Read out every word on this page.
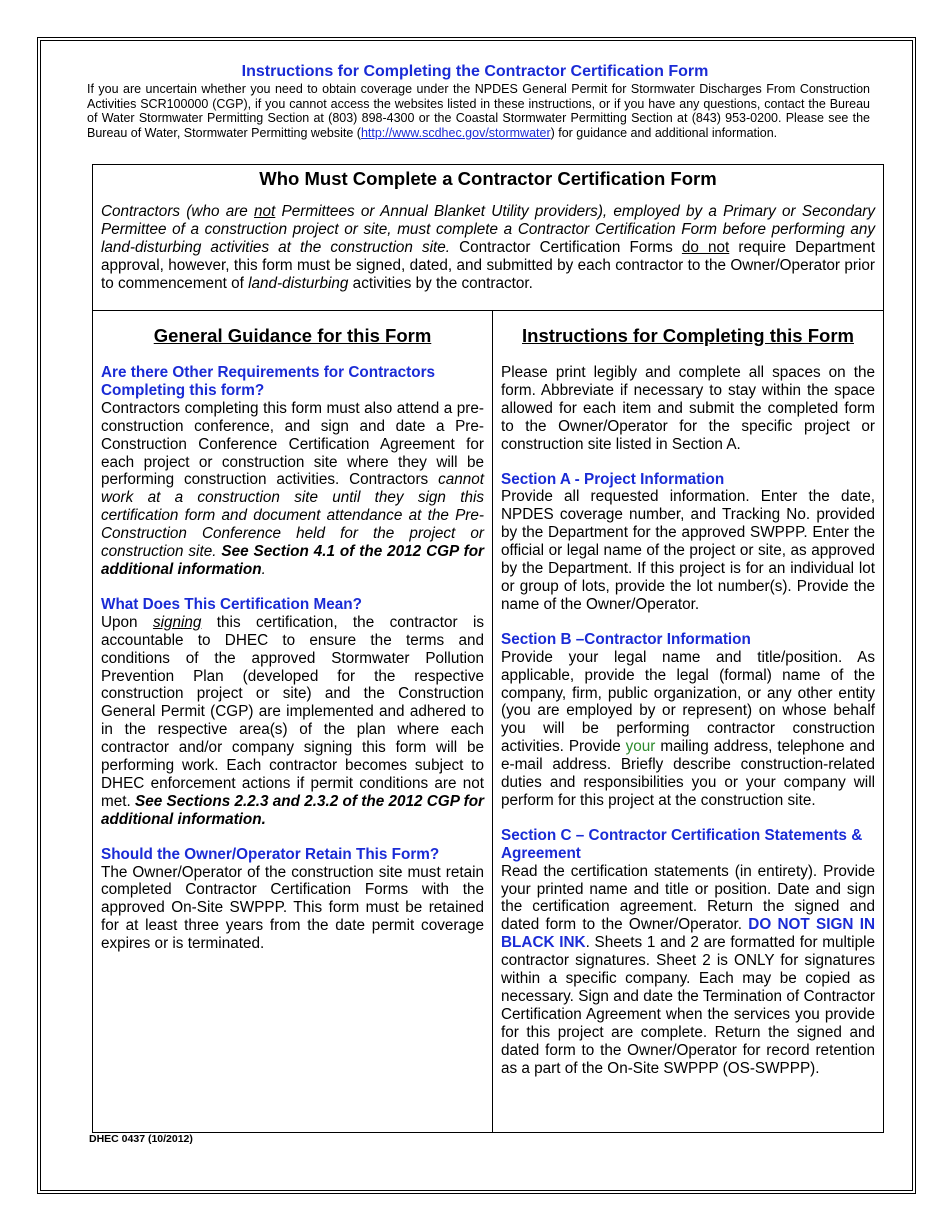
Instructions for Completing the Contractor Certification Form
If you are uncertain whether you need to obtain coverage under the NPDES General Permit for Stormwater Discharges From Construction Activities SCR100000 (CGP), if you cannot access the websites listed in these instructions, or if you have any questions, contact the Bureau of Water Stormwater Permitting Section at (803) 898-4300 or the Coastal Stormwater Permitting Section at (843) 953-0200. Please see the Bureau of Water, Stormwater Permitting website (http://www.scdhec.gov/stormwater) for guidance and additional information.
Who Must Complete a Contractor Certification Form
Contractors (who are not Permittees or Annual Blanket Utility providers), employed by a Primary or Secondary Permittee of a construction project or site, must complete a Contractor Certification Form before performing any land-disturbing activities at the construction site. Contractor Certification Forms do not require Department approval, however, this form must be signed, dated, and submitted by each contractor to the Owner/Operator prior to commencement of land-disturbing activities by the contractor.
General Guidance for this Form
Are there Other Requirements for Contractors Completing this form?

Contractors completing this form must also attend a pre-construction conference, and sign and date a Pre-Construction Conference Certification Agreement for each project or construction site where they will be performing construction activities. Contractors cannot work at a construction site until they sign this certification form and document attendance at the Pre-Construction Conference held for the project or construction site. See Section 4.1 of the 2012 CGP for additional information.

What Does This Certification Mean?

Upon signing this certification, the contractor is accountable to DHEC to ensure the terms and conditions of the approved Stormwater Pollution Prevention Plan (developed for the respective construction project or site) and the Construction General Permit (CGP) are implemented and adhered to in the respective area(s) of the plan where each contractor and/or company signing this form will be performing work. Each contractor becomes subject to DHEC enforcement actions if permit conditions are not met. See Sections 2.2.3 and 2.3.2 of the 2012 CGP for additional information.

Should the Owner/Operator Retain This Form?

The Owner/Operator of the construction site must retain completed Contractor Certification Forms with the approved On-Site SWPPP. This form must be retained for at least three years from the date permit coverage expires or is terminated.

Instructions for Completing this Form

Please print legibly and complete all spaces on the form. Abbreviate if necessary to stay within the space allowed for each item and submit the completed form to the Owner/Operator for the specific project or construction site listed in Section A.

Section A - Project Information

Provide all requested information. Enter the date, NPDES coverage number, and Tracking No. provided by the Department for the approved SWPPP. Enter the official or legal name of the project or site, as approved by the Department. If this project is for an individual lot or group of lots, provide the lot number(s). Provide the name of the Owner/Operator.

Section B –Contractor Information

Provide your legal name and title/position. As applicable, provide the legal (formal) name of the company, firm, public organization, or any other entity (you are employed by or represent) on whose behalf you will be performing contractor construction activities. Provide your mailing address, telephone and e-mail address. Briefly describe construction-related duties and responsibilities you or your company will perform for this project at the construction site.

Section C – Contractor Certification Statements & Agreement

Read the certification statements (in entirety). Provide your printed name and title or position. Date and sign the certification agreement. Return the signed and dated form to the Owner/Operator. DO NOT SIGN IN BLACK INK. Sheets 1 and 2 are formatted for multiple contractor signatures. Sheet 2 is ONLY for signatures within a specific company. Each may be copied as necessary. Sign and date the Termination of Contractor Certification Agreement when the services you provide for this project are complete. Return the signed and dated form to the Owner/Operator for record retention as a part of the On-Site SWPPP (OS-SWPPP).

DHEC 0437 (10/2012)
